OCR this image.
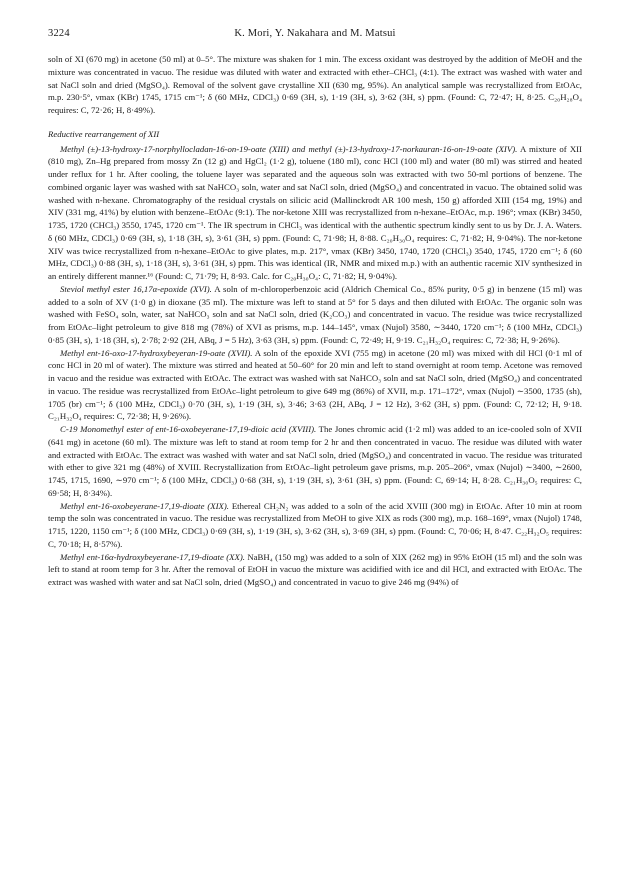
3224	K. Mori, Y. Nakahara and M. Matsui

soln of XI (670 mg) in acetone (50 ml) at 0–5°. The mixture was shaken for 1 min. The excess oxidant was destroyed by the addition of MeOH and the mixture was concentrated in vacuo. The residue was diluted with water and extracted with ether–CHCl₃ (4:1). The extract was washed with water and sat NaCl soln and dried (MgSO₄). Removal of the solvent gave crystalline XII (630 mg, 95%). An analytical sample was recrystallized from EtOAc, m.p. 230·5°, νmax (KBr) 1745, 1715 cm⁻¹; δ (60 MHz, CDCl₃) 0·69 (3H, s), 1·19 (3H, s), 3·62 (3H, s) ppm. (Found: C, 72·47; H, 8·25. C₂₀H₂₈O₄ requires: C, 72·26; H, 8·49%).

Reductive rearrangement of XII

Methyl (±)-13-hydroxy-17-norphyllocladan-16-on-19-oate (XIII) and methyl (±)-13-hydroxy-17-norkauran-16-on-19-oate (XIV). A mixture of XII (810 mg), Zn–Hg prepared from mossy Zn (12 g) and HgCl₂ (1·2 g), toluene (180 ml), conc HCl (100 ml) and water (80 ml) was stirred and heated under reflux for 1 hr. After cooling, the toluene layer was separated and the aqueous soln was extracted with two 50-ml portions of benzene. The combined organic layer was washed with sat NaHCO₃ soln, water and sat NaCl soln, dried (MgSO₄) and concentrated in vacuo. The obtained solid was washed with n-hexane. Chromatography of the residual crystals on silicic acid (Mallinckrodt AR 100 mesh, 150 g) afforded XIII (154 mg, 19%) and XIV (331 mg, 41%) by elution with benzene–EtOAc (9:1). The nor-ketone XIII was recrystallized from n-hexane–EtOAc, m.p. 196°; νmax (KBr) 3450, 1735, 1720 (CHCl₃) 3550, 1745, 1720 cm⁻¹. The IR spectrum in CHCl₃ was identical with the authentic spectrum kindly sent to us by Dr. J. A. Waters. δ (60 MHz, CDCl₃) 0·69 (3H, s), 1·18 (3H, s), 3·61 (3H, s) ppm. (Found: C, 71·98; H, 8·88. C₂₀H₃₀O₄ requires: C, 71·82; H, 9·04%). The nor-ketone XIV was twice recrystallized from n-hexane–EtOAc to give plates, m.p. 217°, νmax (KBr) 3450, 1740, 1720 (CHCl₃) 3540, 1745, 1720 cm⁻¹; δ (60 MHz, CDCl₃) 0·88 (3H, s), 1·18 (3H, s), 3·61 (3H, s) ppm. This was identical (IR, NMR and mixed m.p.) with an authentic racemic XIV synthesized in an entirely different manner.¹⁶ (Found: C, 71·79; H, 8·93. Calc. for C₂₀H₃₀O₄: C, 71·82; H, 9·04%).

Steviol methyl ester 16,17α-epoxide (XVI). A soln of m-chloroperbenzoic acid (Aldrich Chemical Co., 85% purity, 0·5 g) in benzene (15 ml) was added to a soln of XV (1·0 g) in dioxane (35 ml). The mixture was left to stand at 5° for 5 days and then diluted with EtOAc. The organic soln was washed with FeSO₄ soln, water, sat NaHCO₃ soln and sat NaCl soln, dried (K₂CO₃) and concentrated in vacuo. The residue was twice recrystallized from EtOAc–light petroleum to give 818 mg (78%) of XVI as prisms, m.p. 144–145°, νmax (Nujol) 3580, ∼3440, 1720 cm⁻¹; δ (100 MHz, CDCl₃) 0·85 (3H, s), 1·18 (3H, s), 2·78; 2·92 (2H, ABq, J = 5 Hz), 3·63 (3H, s) ppm. (Found: C, 72·49; H, 9·19. C₂₁H₃₂O₄ requires: C, 72·38; H, 9·26%).

Methyl ent-16-oxo-17-hydroxybeyeran-19-oate (XVII). A soln of the epoxide XVI (755 mg) in acetone (20 ml) was mixed with dil HCl (0·1 ml of conc HCl in 20 ml of water). The mixture was stirred and heated at 50–60° for 20 min and left to stand overnight at room temp. Acetone was removed in vacuo and the residue was extracted with EtOAc. The extract was washed with sat NaHCO₃ soln and sat NaCl soln, dried (MgSO₄) and concentrated in vacuo. The residue was recrystallized from EtOAc–light petroleum to give 649 mg (86%) of XVII, m.p. 171–172°, νmax (Nujol) ∼3500, 1735 (sh), 1705 (br) cm⁻¹; δ (100 MHz, CDCl₃) 0·70 (3H, s), 1·19 (3H, s), 3·46; 3·63 (2H, ABq, J = 12 Hz), 3·62 (3H, s) ppm. (Found: C, 72·12; H, 9·18. C₂₁H₃₂O₄ requires: C, 72·38; H, 9·26%).

C-19 Monomethyl ester of ent-16-oxobeyerane-17,19-dioic acid (XVIII). The Jones chromic acid (1·2 ml) was added to an ice-cooled soln of XVII (641 mg) in acetone (60 ml). The mixture was left to stand at room temp for 2 hr and then concentrated in vacuo. The residue was diluted with water and extracted with EtOAc. The extract was washed with water and sat NaCl soln, dried (MgSO₄) and concentrated in vacuo. The residue was triturated with ether to give 321 mg (48%) of XVIII. Recrystallization from EtOAc–light petroleum gave prisms, m.p. 205–206°, νmax (Nujol) ∼3400, ∼2600, 1745, 1715, 1690, ∼970 cm⁻¹; δ (100 MHz, CDCl₃) 0·68 (3H, s), 1·19 (3H, s), 3·61 (3H, s) ppm. (Found: C, 69·14; H, 8·28. C₂₁H₃₀O₅ requires: C, 69·58; H, 8·34%).

Methyl ent-16-oxobeyerane-17,19-dioate (XIX). Ethereal CH₂N₂ was added to a soln of the acid XVIII (300 mg) in EtOAc. After 10 min at room temp the soln was concentrated in vacuo. The residue was recrystallized from MeOH to give XIX as rods (300 mg), m.p. 168–169°, νmax (Nujol) 1748, 1715, 1220, 1150 cm⁻¹; δ (100 MHz, CDCl₃) 0·69 (3H, s), 1·19 (3H, s), 3·62 (3H, s), 3·69 (3H, s) ppm. (Found: C, 70·06; H, 8·47. C₂₂H₃₂O₅ requires: C, 70·18; H, 8·57%).

Methyl ent-16α-hydroxybeyerane-17,19-dioate (XX). NaBH₄ (150 mg) was added to a soln of XIX (262 mg) in 95% EtOH (15 ml) and the soln was left to stand at room temp for 3 hr. After the removal of EtOH in vacuo the mixture was acidified with ice and dil HCl, and extracted with EtOAc. The extract was washed with water and sat NaCl soln, dried (MgSO₄) and concentrated in vacuo to give 246 mg (94%) of
